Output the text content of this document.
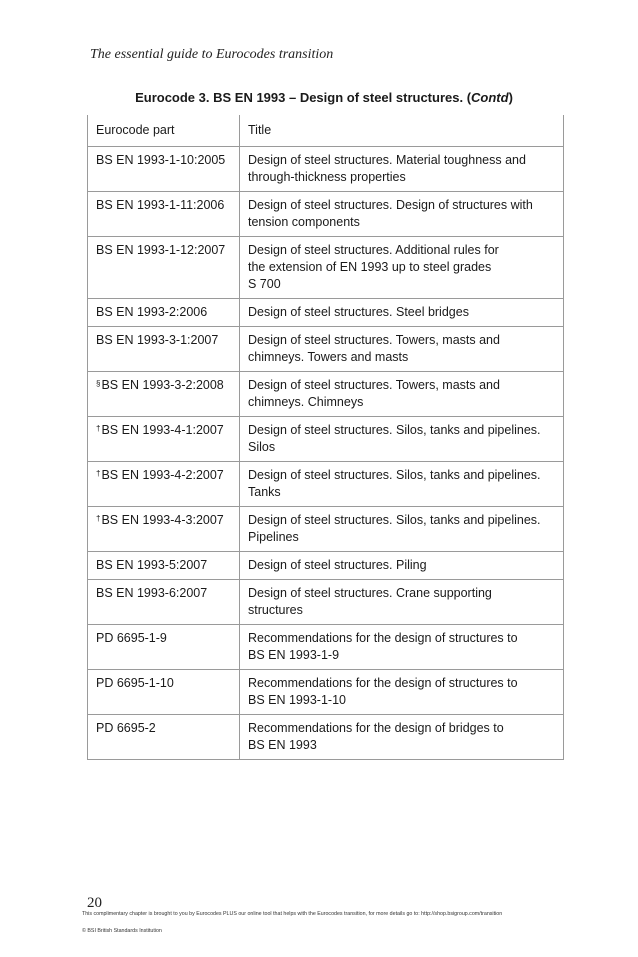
The essential guide to Eurocodes transition
Eurocode 3. BS EN 1993 – Design of steel structures. (Contd)
Eurocode part	Title
BS EN 1993-1-10:2005	Design of steel structures. Material toughness and
through-thickness properties

BS EN 1993-1-11:2006	Design of steel structures. Design of structures with
tension components

BS EN 1993-1-12:2007	Design of steel structures. Additional rules for
the extension of EN 1993 up to steel grades
S 700

BS EN 1993-2:2006	Design of steel structures. Steel bridges

BS EN 1993-3-1:2007	Design of steel structures. Towers, masts and
chimneys. Towers and masts

§BS EN 1993-3-2:2008	Design of steel structures. Towers, masts and
chimneys. Chimneys

†BS EN 1993-4-1:2007	Design of steel structures. Silos, tanks and pipelines.
Silos

†BS EN 1993-4-2:2007	Design of steel structures. Silos, tanks and pipelines.
Tanks

†BS EN 1993-4-3:2007	Design of steel structures. Silos, tanks and pipelines.
Pipelines

BS EN 1993-5:2007	Design of steel structures. Piling

BS EN 1993-6:2007	Design of steel structures. Crane supporting
structures

PD 6695-1-9	Recommendations for the design of structures to
BS EN 1993-1-9

PD 6695-1-10	Recommendations for the design of structures to
BS EN 1993-1-10

PD 6695-2	Recommendations for the design of bridges to
BS EN 1993
20
This complimentary chapter is brought to you by Eurocodes PLUS our online tool that helps with the Eurocodes transition, for more details go to: http://shop.bsigroup.com/transition
© BSI British Standards Institution
